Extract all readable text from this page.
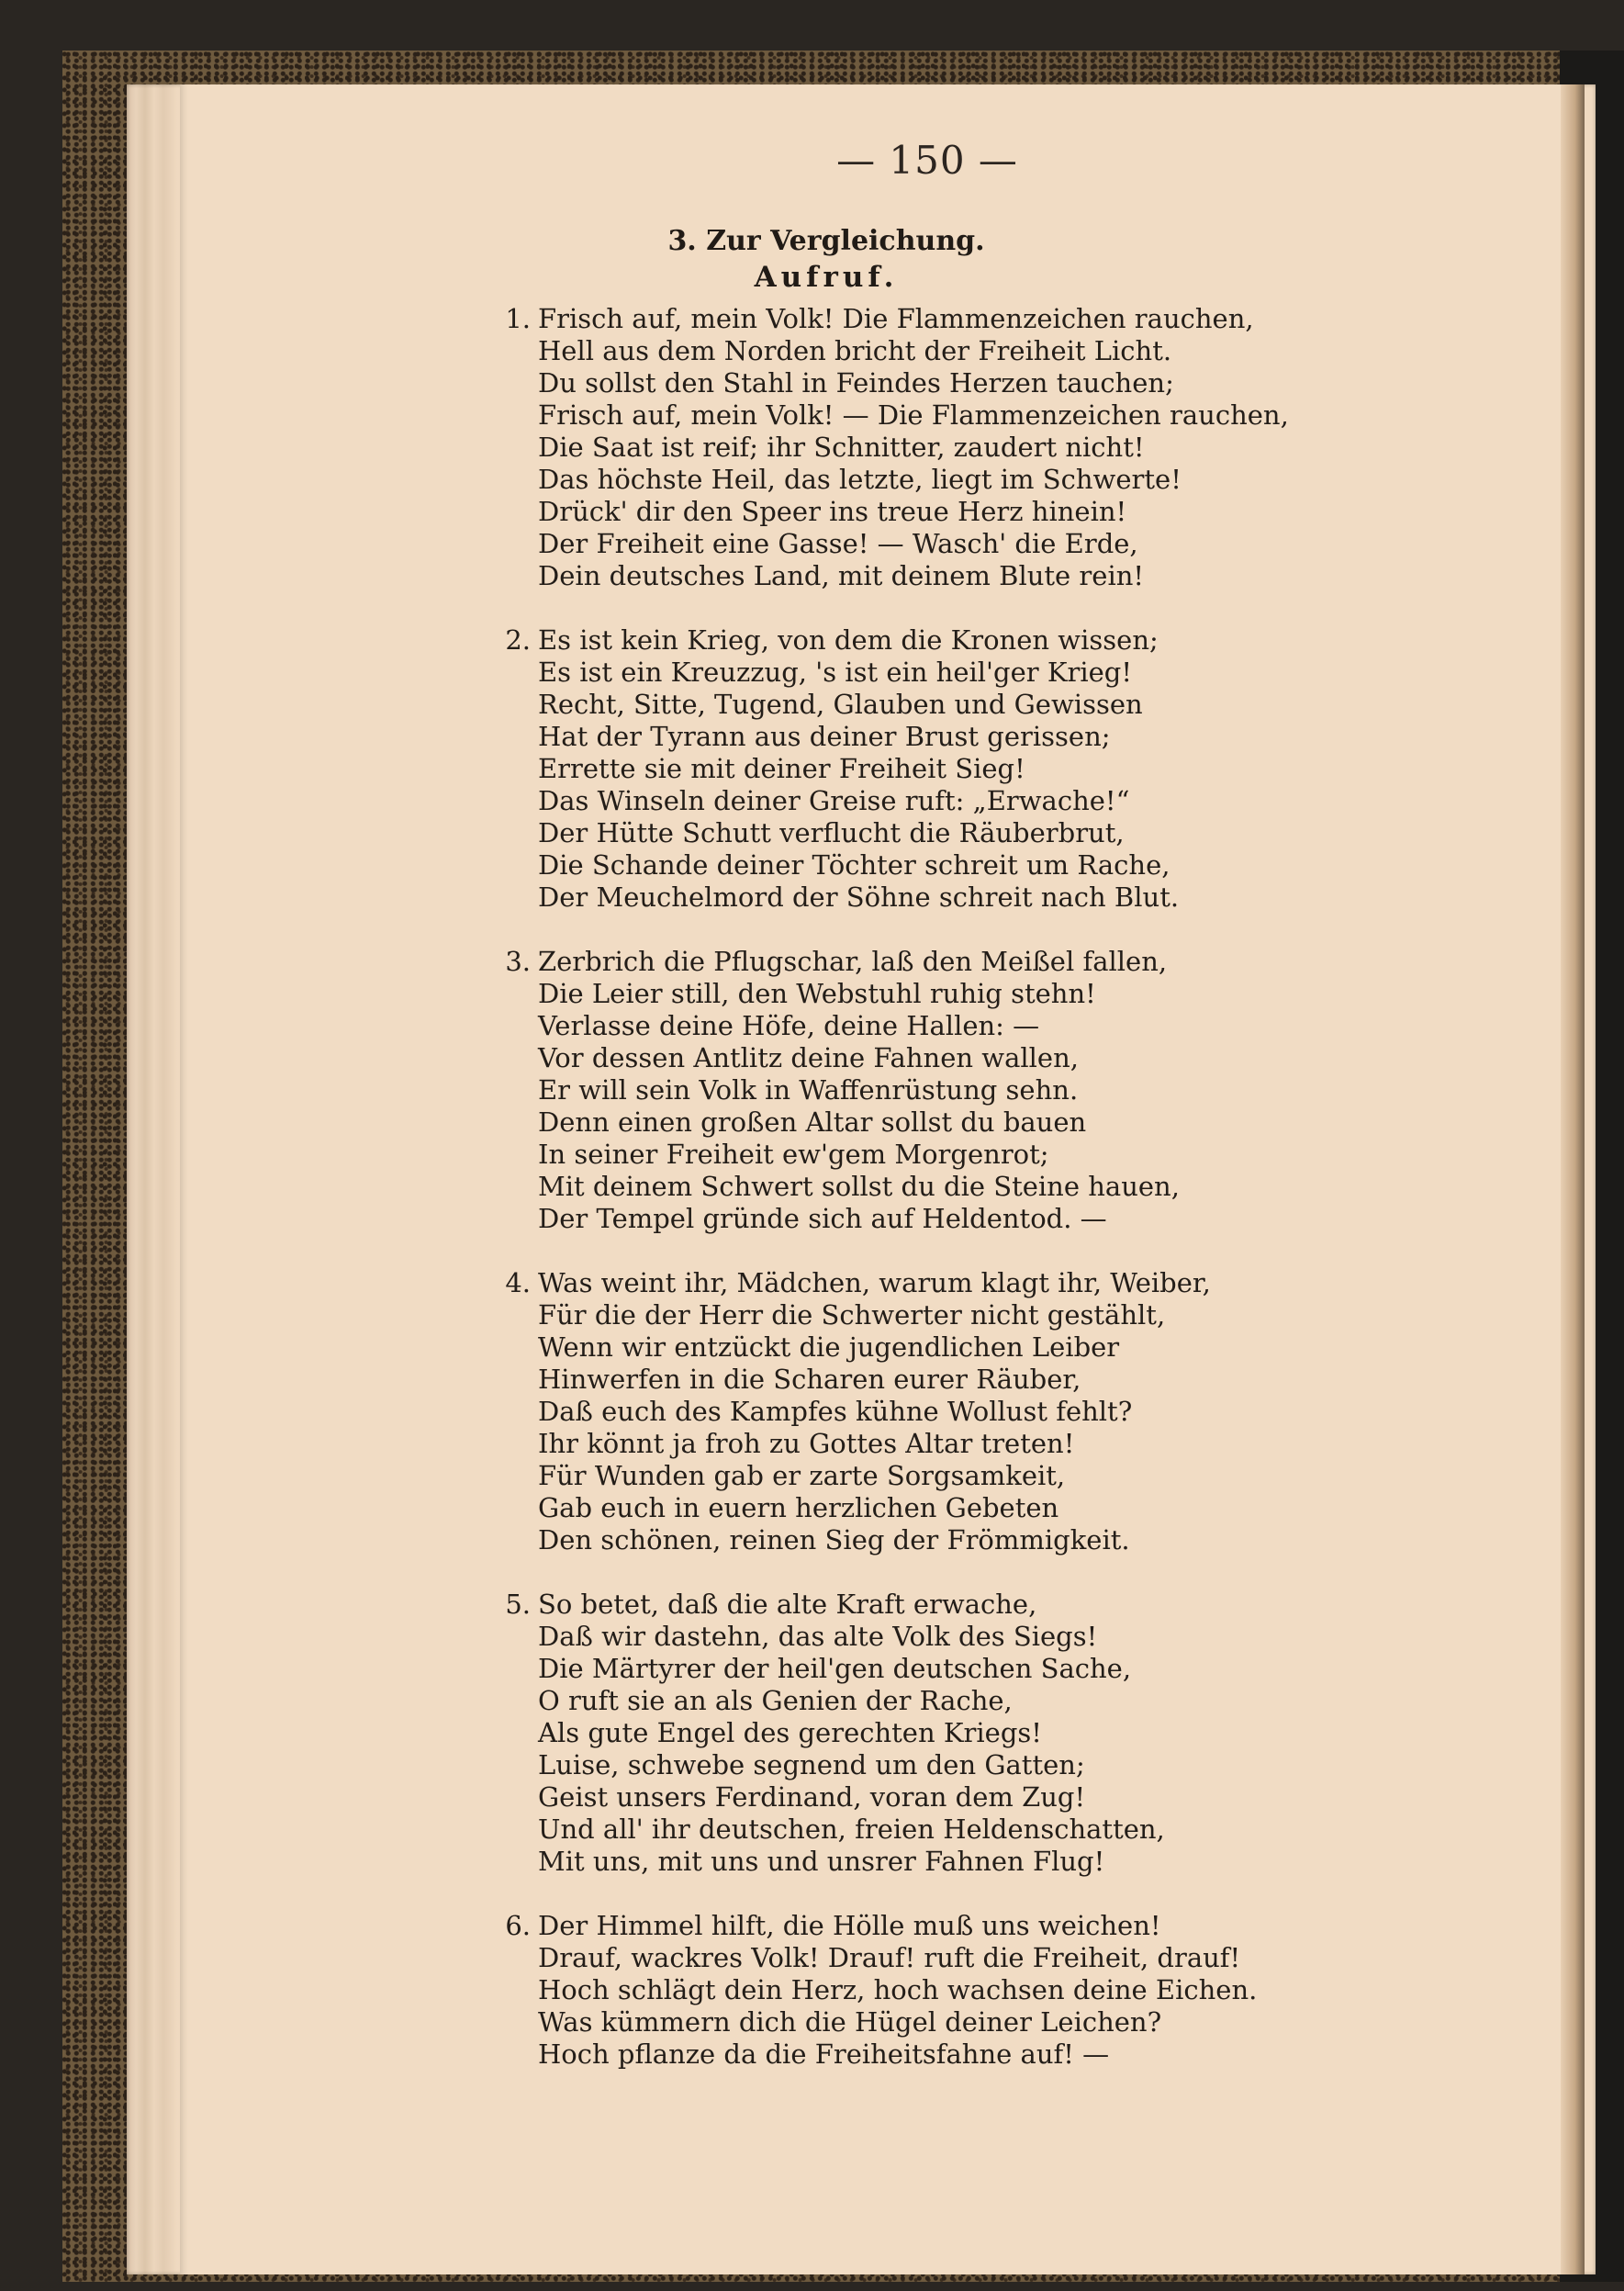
— 150 —
3. Zur Vergleichung.
Aufruf.
1. Frisch auf, mein Volk! Die Flammenzeichen rauchen,
Hell aus dem Norden bricht der Freiheit Licht.
Du sollst den Stahl in Feindes Herzen tauchen;
Frisch auf, mein Volk! — Die Flammenzeichen rauchen,
Die Saat ist reif; ihr Schnitter, zaudert nicht!
Das höchste Heil, das letzte, liegt im Schwerte!
Drück' dir den Speer ins treue Herz hinein!
Der Freiheit eine Gasse! — Wasch' die Erde,
Dein deutsches Land, mit deinem Blute rein!
2. Es ist kein Krieg, von dem die Kronen wissen;
Es ist ein Kreuzzug, 's ist ein heil'ger Krieg!
Recht, Sitte, Tugend, Glauben und Gewissen
Hat der Tyrann aus deiner Brust gerissen;
Errette sie mit deiner Freiheit Sieg!
Das Winseln deiner Greise ruft: „Erwache!“
Der Hütte Schutt verflucht die Räuberbrut,
Die Schande deiner Töchter schreit um Rache,
Der Meuchelmord der Söhne schreit nach Blut.
3. Zerbrich die Pflugschar, laß den Meißel fallen,
Die Leier still, den Webstuhl ruhig stehn!
Verlasse deine Höfe, deine Hallen: —
Vor dessen Antlitz deine Fahnen wallen,
Er will sein Volk in Waffenrüstung sehn.
Denn einen großen Altar sollst du bauen
In seiner Freiheit ew'gem Morgenrot;
Mit deinem Schwert sollst du die Steine hauen,
Der Tempel gründe sich auf Heldentod. —
4. Was weint ihr, Mädchen, warum klagt ihr, Weiber,
Für die der Herr die Schwerter nicht gestählt,
Wenn wir entzückt die jugendlichen Leiber
Hinwerfen in die Scharen eurer Räuber,
Daß euch des Kampfes kühne Wollust fehlt?
Ihr könnt ja froh zu Gottes Altar treten!
Für Wunden gab er zarte Sorgsamkeit,
Gab euch in euern herzlichen Gebeten
Den schönen, reinen Sieg der Frömmigkeit.
5. So betet, daß die alte Kraft erwache,
Daß wir dastehn, das alte Volk des Siegs!
Die Märtyrer der heil'gen deutschen Sache,
O ruft sie an als Genien der Rache,
Als gute Engel des gerechten Kriegs!
Luise, schwebe segnend um den Gatten;
Geist unsers Ferdinand, voran dem Zug!
Und all' ihr deutschen, freien Heldenschatten,
Mit uns, mit uns und unsrer Fahnen Flug!
6. Der Himmel hilft, die Hölle muß uns weichen!
Drauf, wackres Volk! Drauf! ruft die Freiheit, drauf!
Hoch schlägt dein Herz, hoch wachsen deine Eichen.
Was kümmern dich die Hügel deiner Leichen?
Hoch pflanze da die Freiheitsfahne auf! —
